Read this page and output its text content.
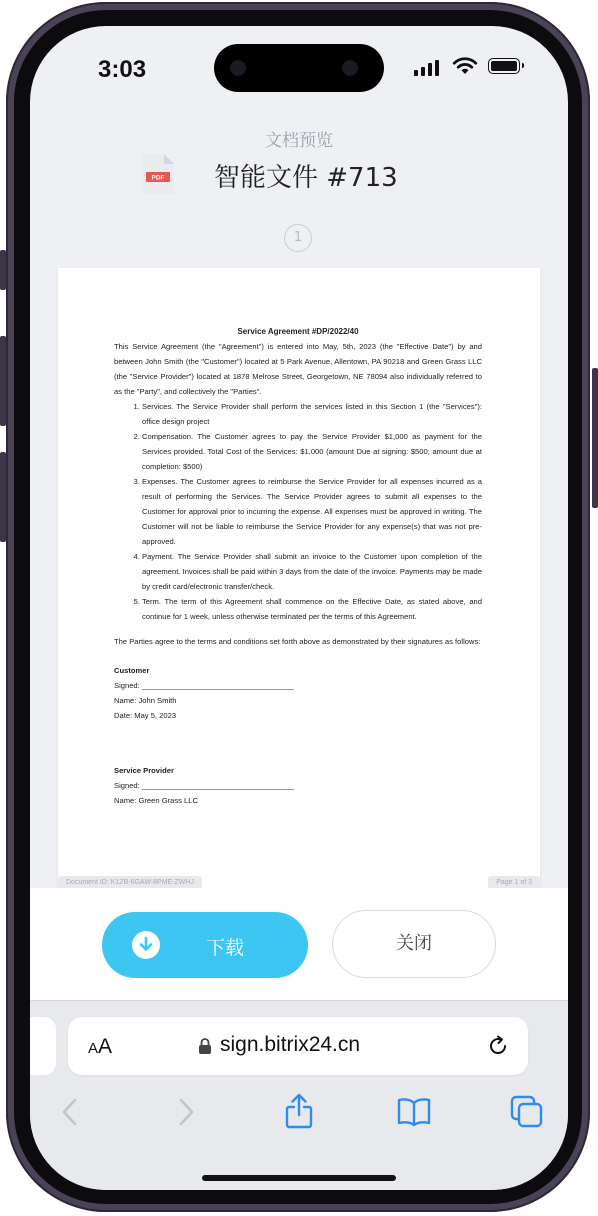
3:03
文档预览
PDF 智能文件 #713
1
Service Agreement #DP/2022/40
This Service Agreement (the "Agreement") is entered into May, 5th, 2023 (the "Effective Date") by and between John Smith (the "Customer") located at 5 Park Avenue, Allentown, PA 90218 and Green Grass LLC (the "Service Provider") located at 1878 Melrose Street, Georgetown, NE 78094 also individually referred to as the "Party", and collectively the "Parties".
1. Services. The Service Provider shall perform the services listed in this Section 1 (the "Services"): office design project
2. Compensation. The Customer agrees to pay the Service Provider $1,000 as payment for the Services provided. Total Cost of the Services: $1,000 (amount Due at signing: $500; amount due at completion: $500)
3. Expenses. The Customer agrees to reimburse the Service Provider for all expenses incurred as a result of performing the Services. The Service Provider agrees to submit all expenses to the Customer for approval prior to incurring the expense. All expenses must be approved in writing. The Customer will not be liable to reimburse the Service Provider for any expense(s) that was not pre-approved.
4. Payment. The Service Provider shall submit an invoice to the Customer upon completion of the agreement. Invoices shall be paid within 3 days from the date of the invoice. Payments may be made by credit card/electronic transfer/check.
5. Term. The term of this Agreement shall commence on the Effective Date, as stated above, and continue for 1 week, unless otherwise terminated per the terms of this Agreement.
The Parties agree to the terms and conditions set forth above as demonstrated by their signatures as follows:
Customer
Signed: ____________________________________
Name: John Smith
Date: May 5, 2023
Service Provider
Signed: ____________________________________
Name: Green Grass LLC
Document ID: K1ZB-6GAW-8PME-ZWHJ	Page 1 of 3
下载	关闭
AA	sign.bitrix24.cn
